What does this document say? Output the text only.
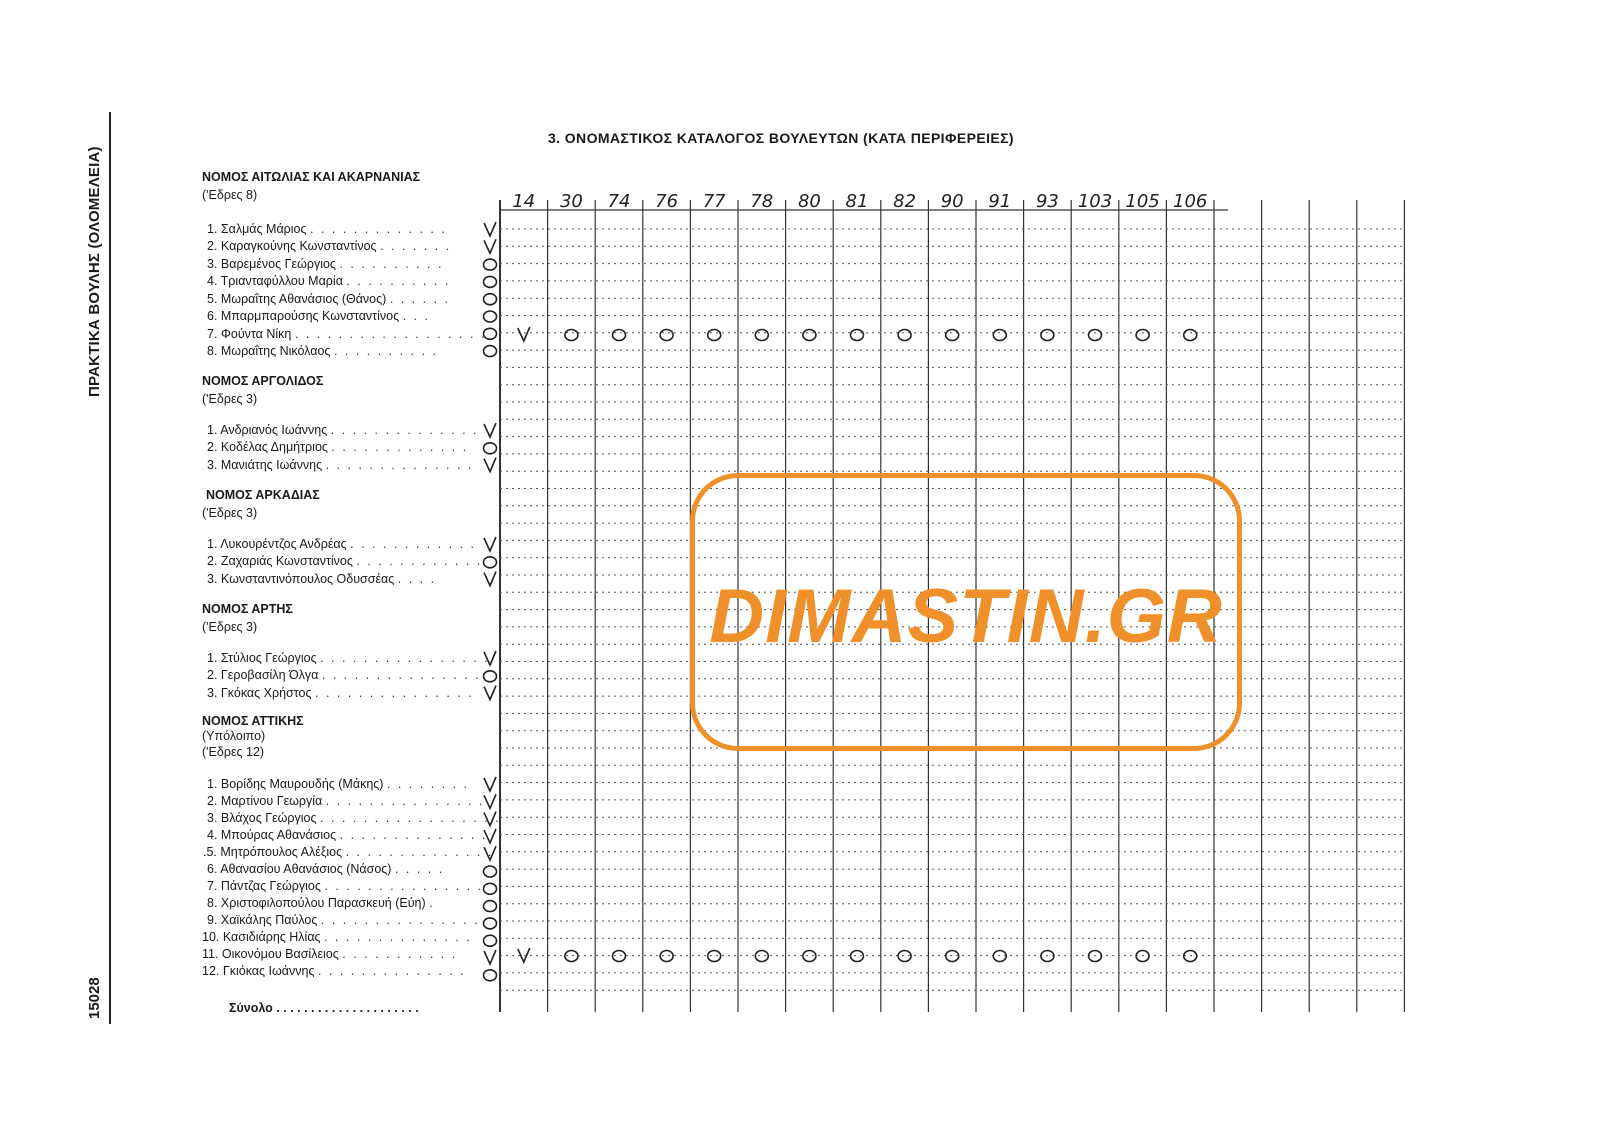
ΠΡΑΚΤΙΚΑ ΒΟΥΛΗΣ (ΟΛΟΜΕΛΕΙΑ)
15028
3. ΟΝΟΜΑΣΤΙΚΟΣ ΚΑΤΑΛΟΓΟΣ ΒΟΥΛΕΥΤΩΝ (ΚΑΤΑ ΠΕΡΙΦΕΡΕΙΕΣ)
14 30 74 76 77 78 80 81 82 90 91 93 103 105 106
ΝΟΜΟΣ ΑΙΤΩΛΙΑΣ ΚΑΙ ΑΚΑΡΝΑΝΙΑΣ
('Εδρες 8)
1. Σαλμάς Μάριος . . . . . . . . . . . . .
2. Καραγκούνης Κωνσταντίνος . . . . . . .
3. Βαρεμένος Γεώργιος . . . . . . . . . .
4. Τριανταφύλλου Μαρία . . . . . . . . . .
5. Μωραΐτης Αθανάσιος (Θάνος) . . . . . .
6. Μπαρμπαρούσης Κωνσταντίνος . . .
7. Φούντα Νίκη . . . . . . . . . . . . . . . . . .
8. Μωραΐτης Νικόλαος . . . . . . . . . .
ΝΟΜΟΣ ΑΡΓΟΛΙΔΟΣ
('Εδρες 3)
1. Ανδριανός Ιωάννης . . . . . . . . . . . . . .
2. Κοδέλας Δημήτριος . . . . . . . . . . . . .
3. Μανιάτης Ιωάννης . . . . . . . . . . . . . .
ΝΟΜΟΣ ΑΡΚΑΔΙΑΣ
('Εδρες 3)
1. Λυκουρέντζος Ανδρέας . . . . . . . . . . . .
2. Ζαχαριάς Κωνσταντίνος . . . . . . . . . . . .
3. Κωνσταντινόπουλος Οδυσσέας . . . .
ΝΟΜΟΣ ΑΡΤΗΣ
('Εδρες 3)
1. Στύλιος Γεώργιος . . . . . . . . . . . . . . . .
2. Γεροβασίλη Όλγα . . . . . . . . . . . . . . .
3. Γκόκας Χρήστος . . . . . . . . . . . . . . .
ΝΟΜΟΣ ΑΤΤΙΚΗΣ
(Υπόλοιπο)
('Εδρες 12)
1. Βορίδης Μαυρουδής (Μάκης) . . . . . . . .
2. Μαρτίνου Γεωργία . . . . . . . . . . . . . . . .
3. Βλάχος Γεώργιος . . . . . . . . . . . . . . . . .
4. Μπούρας Αθανάσιος . . . . . . . . . . . . . .
.5. Μητρόπουλος Αλέξιος . . . . . . . . . . . . . .
6. Αθανασίου Αθανάσιος (Νάσος) . . . . .
7. Πάντζας Γεώργιος . . . . . . . . . . . . . . .
8. Χριστοφιλοπούλου Παρασκευή (Εύη) .
9. Χαϊκάλης Παύλος . . . . . . . . . . . . . . .
10. Κασιδιάρης Ηλίας . . . . . . . . . . . . . .
11. Οικονόμου Βασίλειος . . . . . . . . . . .
12. Γκιόκας Ιωάννης . . . . . . . . . . . . . .
Σύνολο . . . . . . . . . . . . . . . . . . . . .
DIMASTIN.GR
